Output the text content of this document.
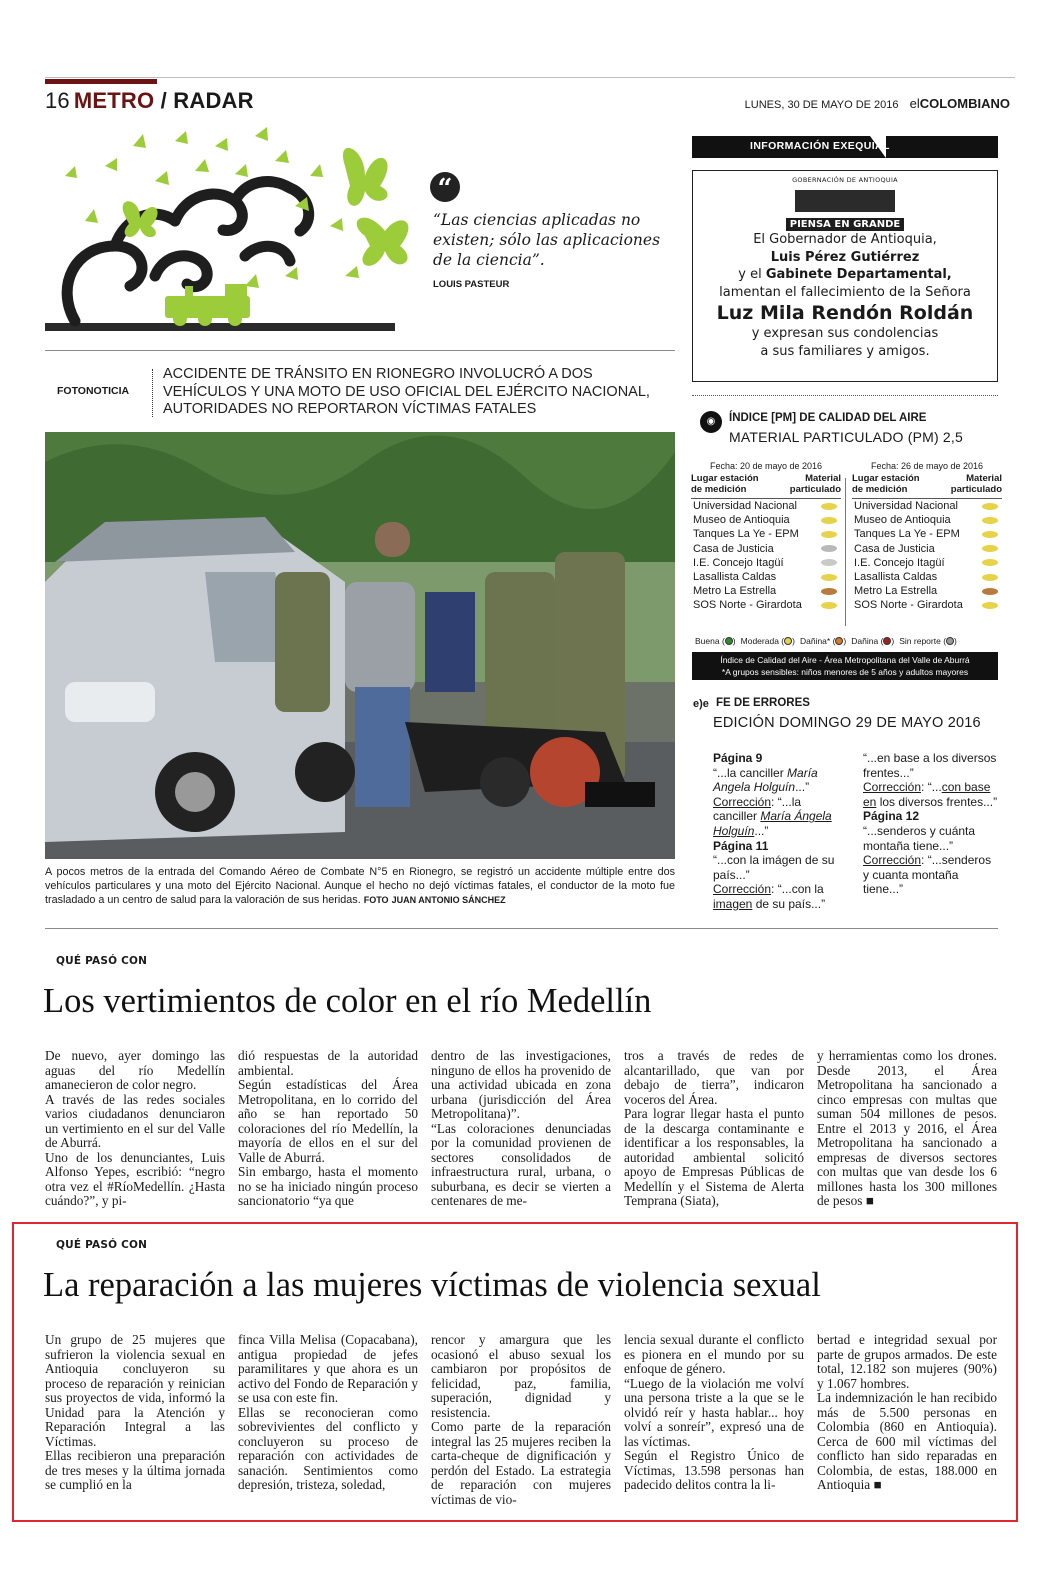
16 METRO / RADAR	LUNES, 30 DE MAYO DE 2016 elCOLOMBIANO
“
“Las ciencias aplicadas no existen; sólo las aplicaciones de la ciencia”.
LOUIS PASTEUR
FOTONOTICIA
ACCIDENTE DE TRÁNSITO EN RIONEGRO INVOLUCRÓ A DOS VEHÍCULOS Y UNA MOTO DE USO OFICIAL DEL EJÉRCITO NACIONAL, AUTORIDADES NO REPORTARON VÍCTIMAS FATALES
A pocos metros de la entrada del Comando Aéreo de Combate N°5 en Rionegro, se registró un accidente múltiple entre dos vehículos particulares y una moto del Ejército Nacional. Aunque el hecho no dejó víctimas fatales, el conductor de la moto fue trasladado a un centro de salud para la valoración de sus heridas. FOTO JUAN ANTONIO SÁNCHEZ
INFORMACIÓN EXEQUIAL
GOBERNACIÓN DE ANTIOQUIA
PIENSA EN GRANDE
El Gobernador de Antioquia,
Luis Pérez Gutiérrez
y el Gabinete Departamental,
lamentan el fallecimiento de la Señora
Luz Mila Rendón Roldán
y expresan sus condolencias
a sus familiares y amigos.
◉	ÍNDICE [PM] DE CALIDAD DEL AIRE
MATERIAL PARTICULADO (PM) 2,5
Fecha: 20 de mayo de 2016
Lugar estación de medición
Material particulado
Universidad Nacional
Museo de Antioquia
Tanques La Ye - EPM
Casa de Justicia
I.E. Concejo Itagüí
Lasallista Caldas
Metro La Estrella
SOS Norte - Girardota
Fecha: 26 de mayo de 2016
Lugar estación de medición
Material particulado
Universidad Nacional
Museo de Antioquia
Tanques La Ye - EPM
Casa de Justicia
I.E. Concejo Itagüí
Lasallista Caldas
Metro La Estrella
SOS Norte - Girardota
Buena ( ) Moderada ( ) Dañina* ( ) Dañina ( ) Sin reporte ( )
Índice de Calidad del Aire - Área Metropolitana del Valle de Aburrá
*A grupos sensibles: niños menores de 5 años y adultos mayores
e)e FE DE ERRORES
EDICIÓN DOMINGO 29 DE MAYO 2016
Página 9
“...la canciller María Angela Holguín...”
Corrección: “...la canciller María Ángela Holguín...”
Página 11
“...con la imágen de su país...”
Corrección: “...con la imagen de su país...”
“...en base a los diversos frentes...”
Corrección: “...con base en los diversos frentes...”
Página 12
“...senderos y cuánta montaña tiene...”
Corrección: “...senderos y cuanta montaña tiene...”
QUÉ PASÓ CON
Los vertimientos de color en el río Medellín

De nuevo, ayer domingo las aguas del río Medellín amanecieron de color negro.

A través de las redes sociales varios ciudadanos denunciaron un vertimiento en el sur del Valle de Aburrá.

Uno de los denunciantes, Luis Alfonso Yepes, escribió: “negro otra vez el #RíoMedellín. ¿Hasta cuándo?”, y pi-

dió respuestas de la autoridad ambiental.

Según estadísticas del Área Metropolitana, en lo corrido del año se han reportado 50 coloraciones del río Medellín, la mayoría de ellos en el sur del Valle de Aburrá.

Sin embargo, hasta el momento no se ha iniciado ningún proceso sancionatorio “ya que

dentro de las investigaciones, ninguno de ellos ha provenido de una actividad ubicada en zona urbana (jurisdicción del Área Metropolitana)”.

“Las coloraciones denunciadas por la comunidad provienen de sectores consolidados de infraestructura rural, urbana, o suburbana, es decir se vierten a centenares de me-

tros a través de redes de alcantarillado, que van por debajo de tierra”, indicaron voceros del Área.

Para lograr llegar hasta el punto de la descarga contaminante e identificar a los responsables, la autoridad ambiental solicitó apoyo de Empresas Públicas de Medellín y el Sistema de Alerta Temprana (Siata),

y herramientas como los drones. Desde 2013, el Área Metropolitana ha sancionado a cinco empresas con multas que suman 504 millones de pesos. Entre el 2013 y 2016, el Área Metropolitana ha sancionado a empresas de diversos sectores con multas que van desde los 6 millones hasta los 300 millones de pesos ■

QUÉ PASÓ CON
La reparación a las mujeres víctimas de violencia sexual

Un grupo de 25 mujeres que sufrieron la violencia sexual en Antioquia concluyeron su proceso de reparación y reinician sus proyectos de vida, informó la Unidad para la Atención y Reparación Integral a las Víctimas.

Ellas recibieron una preparación de tres meses y la última jornada se cumplió en la

finca Villa Melisa (Copacabana), antigua propiedad de jefes paramilitares y que ahora es un activo del Fondo de Reparación y se usa con este fin.

Ellas se reconocieran como sobrevivientes del conflicto y concluyeron su proceso de reparación con actividades de sanación. Sentimientos como depresión, tristeza, soledad,

rencor y amargura que les ocasionó el abuso sexual los cambiaron por propósitos de felicidad, paz, familia, superación, dignidad y resistencia.

Como parte de la reparación integral las 25 mujeres reciben la carta-cheque de dignificación y perdón del Estado. La estrategia de reparación con mujeres víctimas de vio-

lencia sexual durante el conflicto es pionera en el mundo por su enfoque de género.

“Luego de la violación me volví una persona triste a la que se le olvidó reír y hasta hablar... hoy volví a sonreír”, expresó una de las víctimas.

Según el Registro Único de Víctimas, 13.598 personas han padecido delitos contra la li-

bertad e integridad sexual por parte de grupos armados. De este total, 12.182 son mujeres (90%) y 1.067 hombres.

La indemnización le han recibido más de 5.500 personas en Colombia (860 en Antioquia). Cerca de 600 mil víctimas del conflicto han sido reparadas en Colombia, de estas, 188.000 en Antioquia ■
